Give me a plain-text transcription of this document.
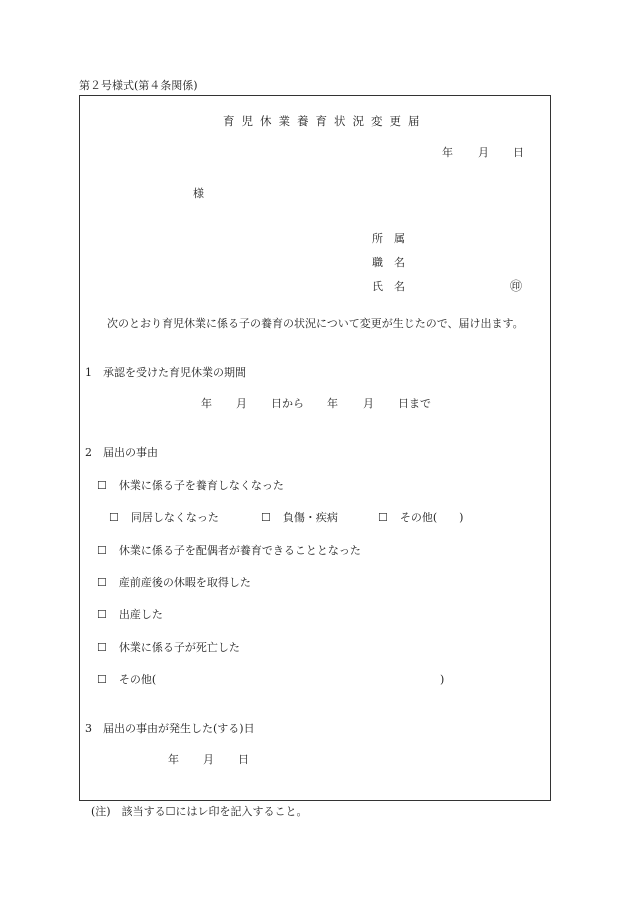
第２号様式(第４条関係)
育児休業養育状況変更届
年 月 日
様
所　属
職　名
氏　名	㊞
次のとおり育児休業に係る子の養育の状況について変更が生じたので、届け出ます。
1　承認を受けた育児休業の期間
年 月 日から 年 月 日まで
2　届出の事由
☐ 休業に係る子を養育しなくなった
☐ 同居しなくなった	☐ 負傷・疾病	☐ その他(　　)
☐ 休業に係る子を配偶者が養育できることとなった
☐ 産前産後の休暇を取得した
☐ 出産した
☐ 休業に係る子が死亡した
☐ その他(	)
3　届出の事由が発生した(する)日
年 月 日
(注)　該当する☐にはレ印を記入すること。
